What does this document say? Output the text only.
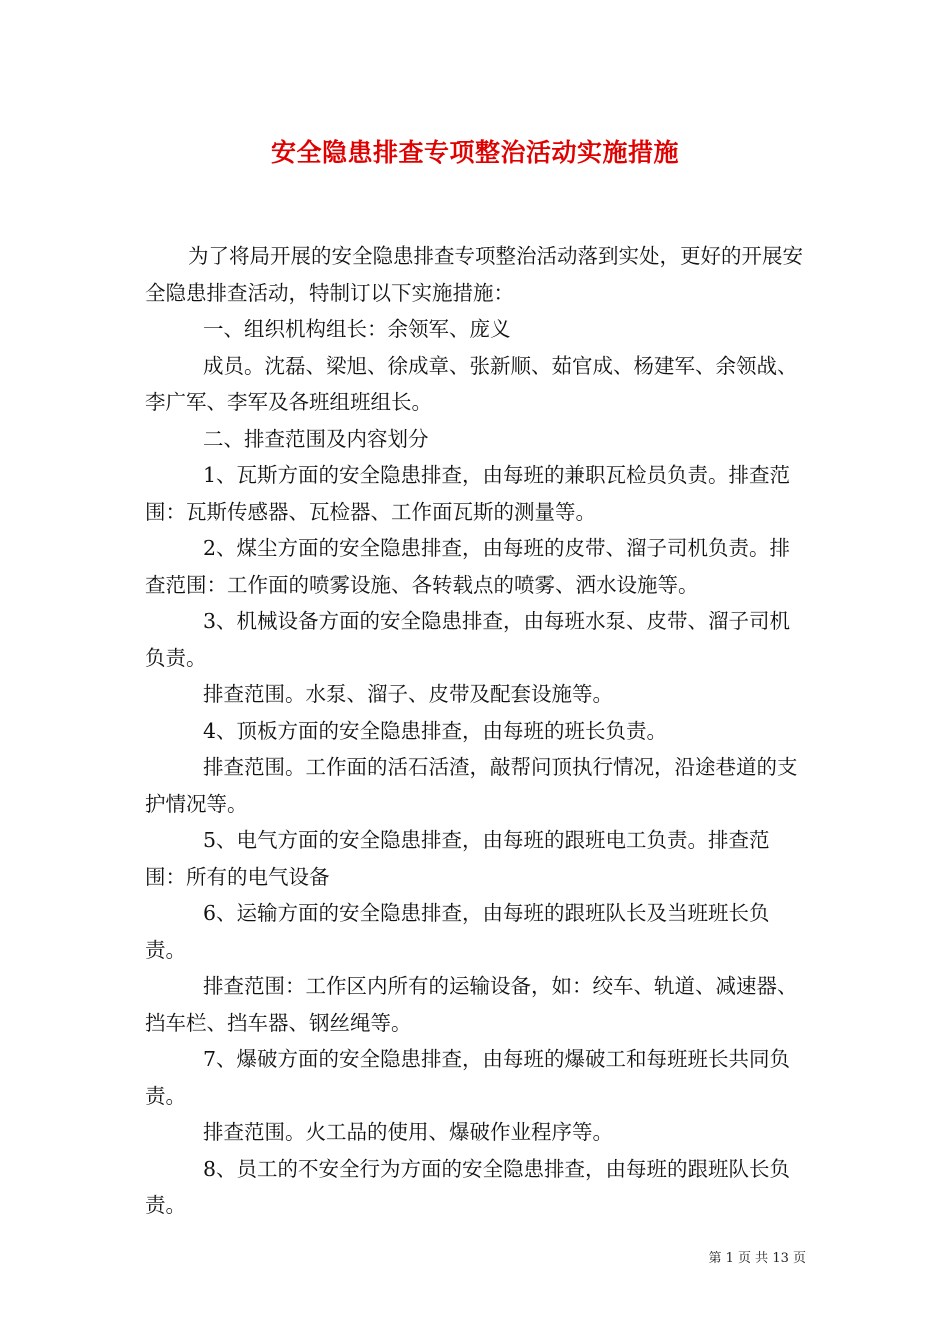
安全隐患排查专项整治活动实施措施

为了将局开展的安全隐患排查专项整治活动落到实处，更好的开展安全隐患排查活动，特制订以下实施措施：

一、组织机构组长：余领军、庞义

成员。沈磊、梁旭、徐成章、张新顺、茹官成、杨建军、余领战、李广军、李军及各班组班组长。

二、排查范围及内容划分

1、瓦斯方面的安全隐患排查，由每班的兼职瓦检员负责。排查范围：瓦斯传感器、瓦检器、工作面瓦斯的测量等。

2、煤尘方面的安全隐患排查，由每班的皮带、溜子司机负责。排查范围：工作面的喷雾设施、各转载点的喷雾、洒水设施等。

3、机械设备方面的安全隐患排查，由每班水泵、皮带、溜子司机负责。

排查范围。水泵、溜子、皮带及配套设施等。

4、顶板方面的安全隐患排查，由每班的班长负责。

排查范围。工作面的活石活渣，敲帮问顶执行情况，沿途巷道的支护情况等。

5、电气方面的安全隐患排查，由每班的跟班电工负责。排查范围：所有的电气设备

6、运输方面的安全隐患排查，由每班的跟班队长及当班班长负责。

排查范围：工作区内所有的运输设备，如：绞车、轨道、减速器、挡车栏、挡车器、钢丝绳等。

7、爆破方面的安全隐患排查，由每班的爆破工和每班班长共同负责。

排查范围。火工品的使用、爆破作业程序等。

8、员工的不安全行为方面的安全隐患排查，由每班的跟班队长负责。

第 1 页 共 13 页
